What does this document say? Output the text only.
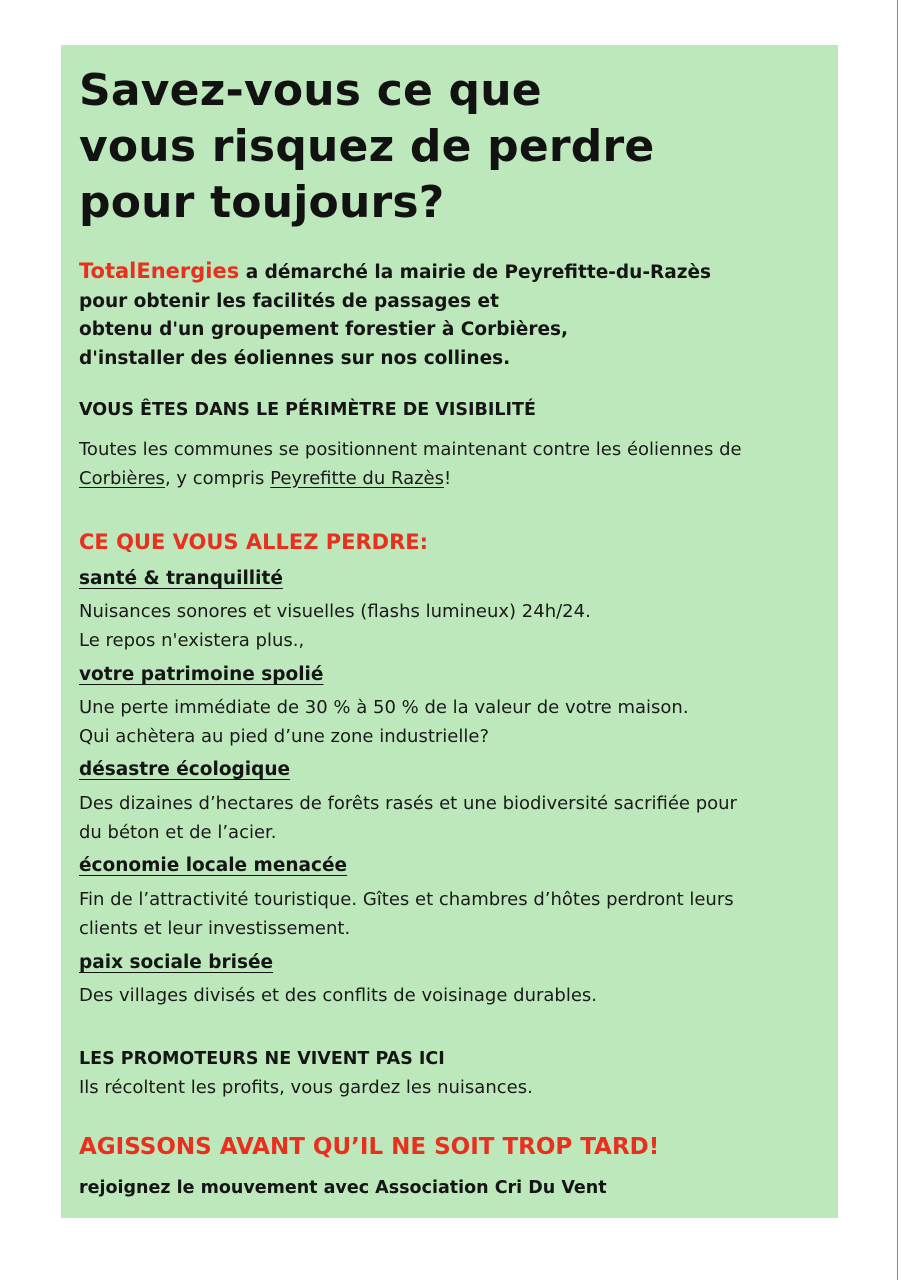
Savez-vous ce que
vous risquez de perdre
pour toujours?
TotalEnergies a démarché la mairie de Peyrefitte-du-Razès
pour obtenir les facilités de passages et
obtenu d'un groupement forestier à Corbières,
d'installer des éoliennes sur nos collines.
VOUS ÊTES DANS LE PÉRIMÈTRE DE VISIBILITÉ
Toutes les communes se positionnent maintenant contre les éoliennes de
Corbières, y compris Peyrefitte du Razès!
CE QUE VOUS ALLEZ PERDRE:
santé & tranquillité
Nuisances sonores et visuelles (flashs lumineux) 24h/24.
Le repos n'existera plus.,
votre patrimoine spolié
Une perte immédiate de 30 % à 50 % de la valeur de votre maison.
Qui achètera au pied d’une zone industrielle?
désastre écologique
Des dizaines d’hectares de forêts rasés et une biodiversité sacrifiée pour
du béton et de l’acier.
économie locale menacée
Fin de l’attractivité touristique. Gîtes et chambres d’hôtes perdront leurs
clients et leur investissement.
paix sociale brisée
Des villages divisés et des conflits de voisinage durables.
LES PROMOTEURS NE VIVENT PAS ICI
Ils récoltent les profits, vous gardez les nuisances.
AGISSONS AVANT QU’IL NE SOIT TROP TARD!
rejoignez le mouvement avec Association Cri Du Vent
